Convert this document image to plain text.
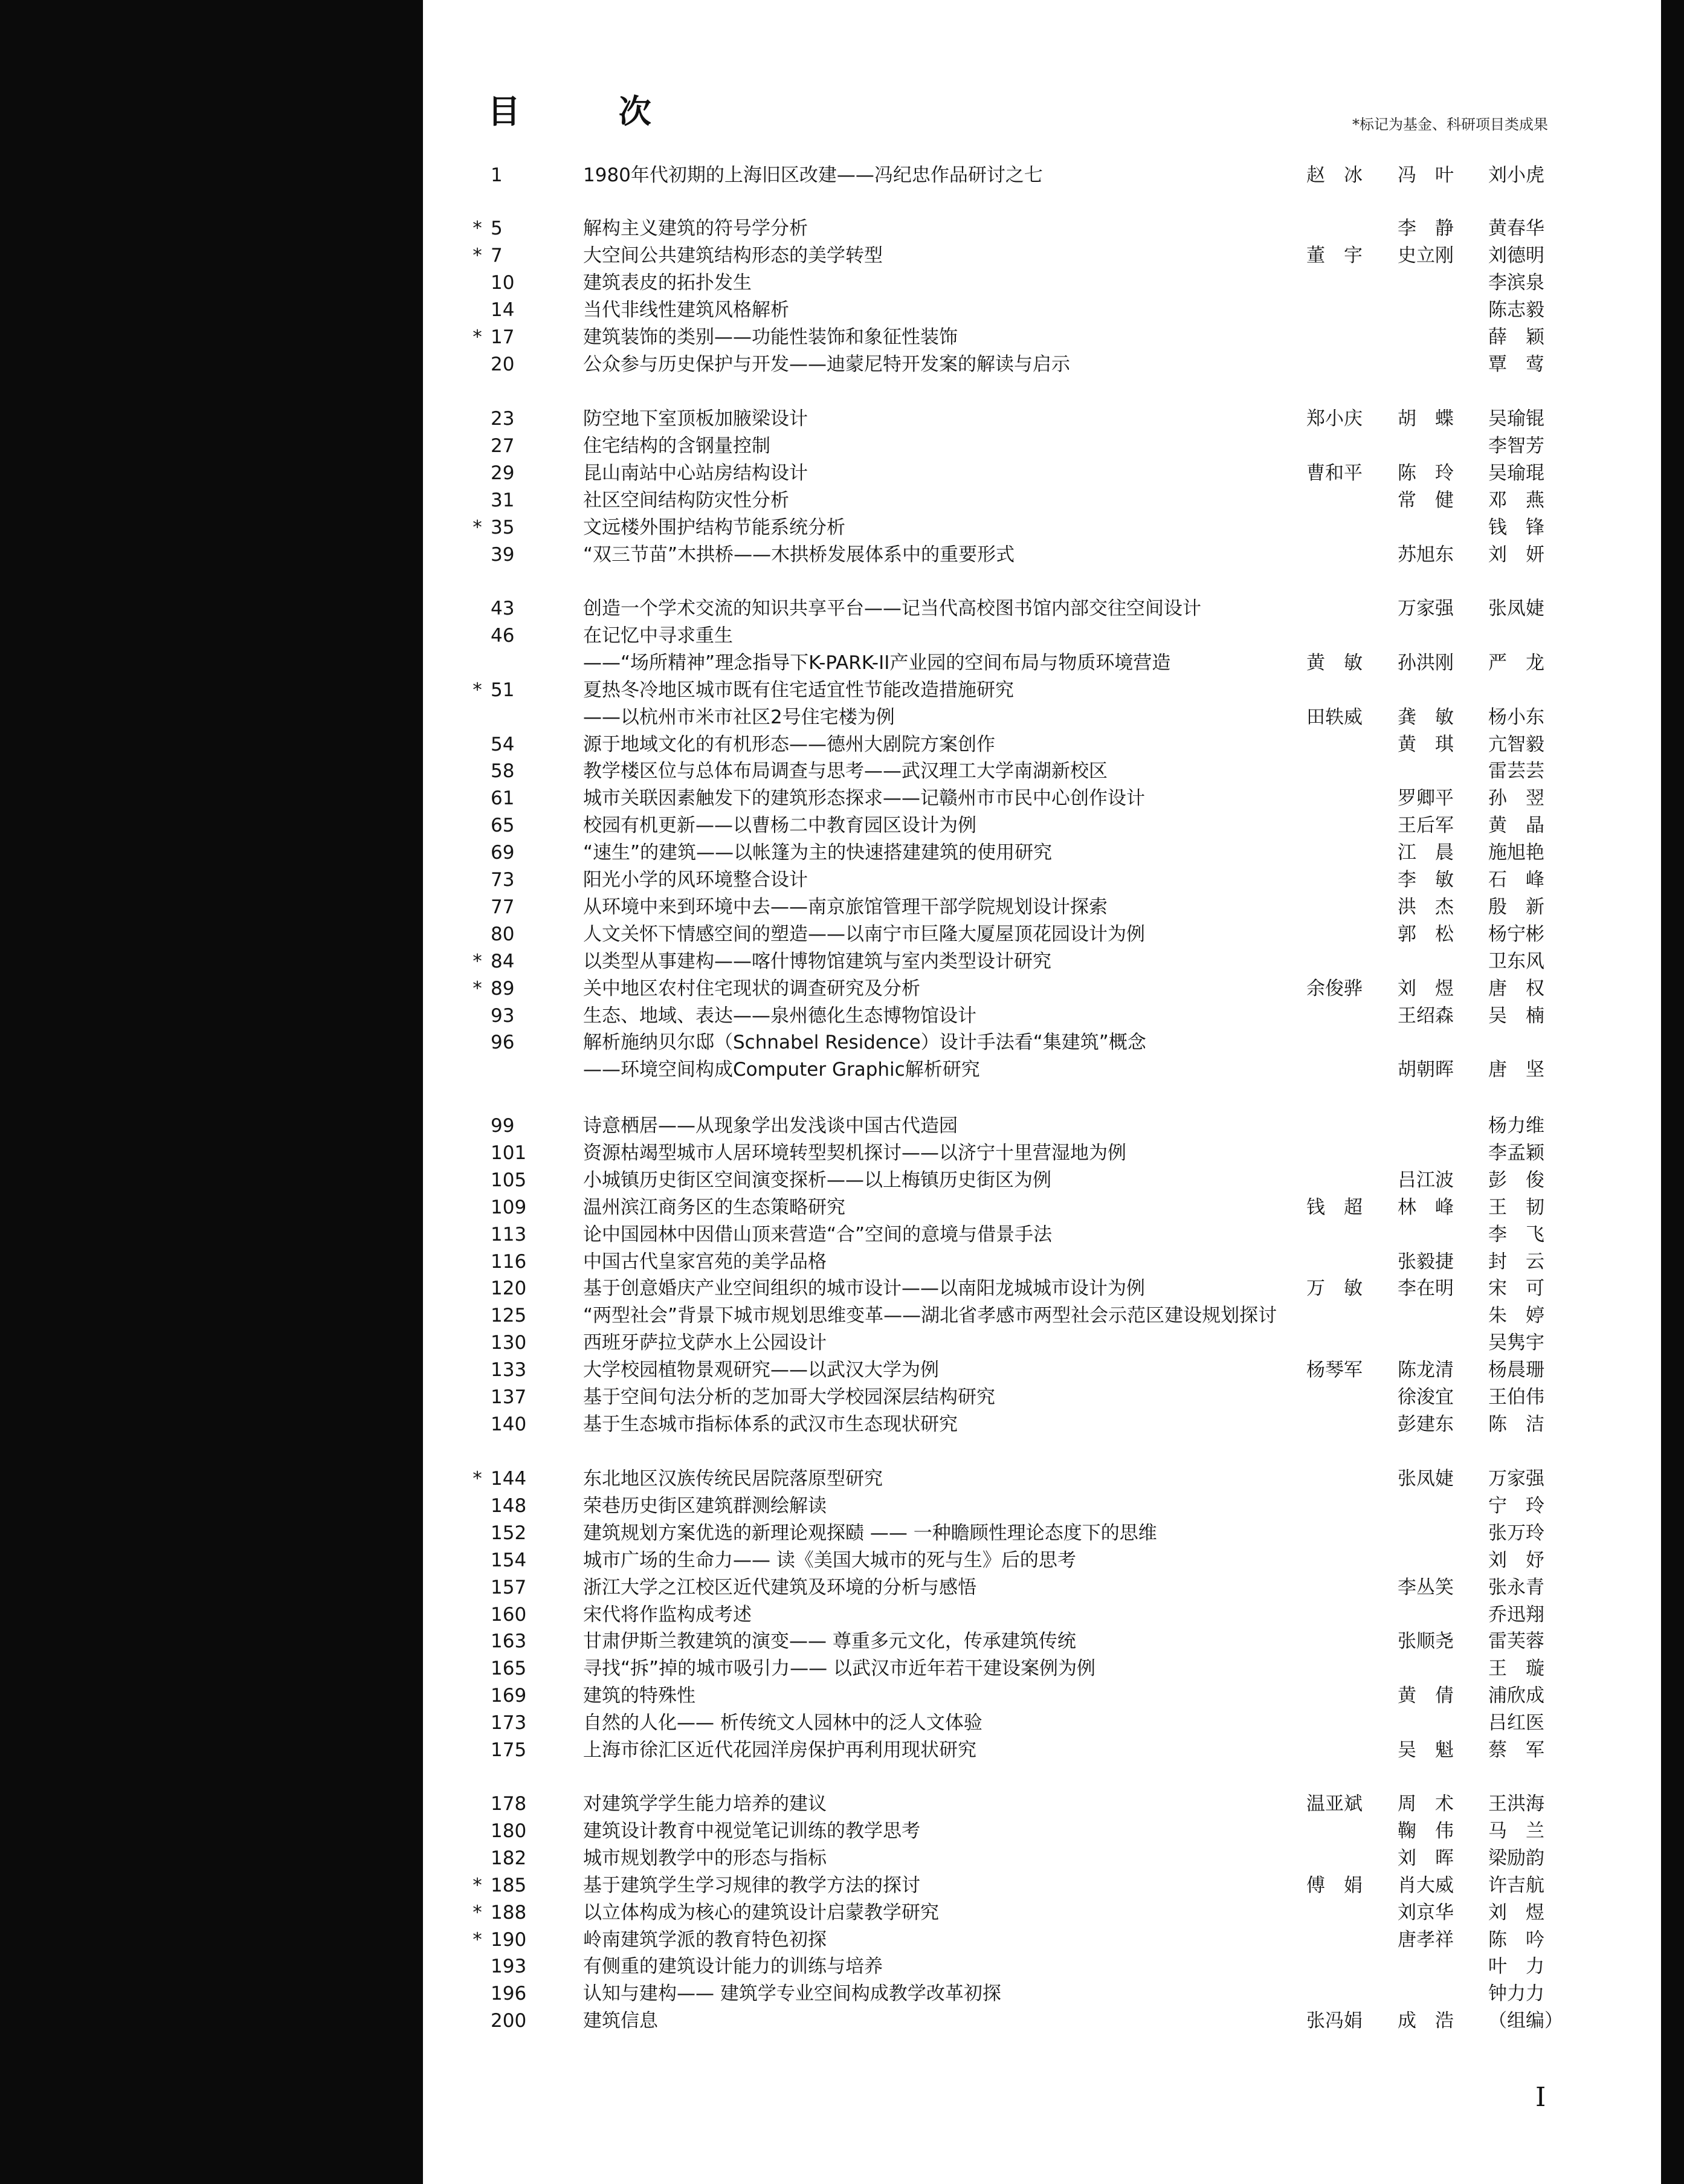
目 次	*标记为基金、科研项目类成果
1	1980年代初期的上海旧区改建——冯纪忠作品研讨之七	赵　冰 冯　叶 刘小虎
* 5	解构主义建筑的符号学分析	李　静 黄春华
* 7	大空间公共建筑结构形态的美学转型	董　宇 史立刚 刘德明
10	建筑表皮的拓扑发生	李滨泉
14	当代非线性建筑风格解析	陈志毅
* 17	建筑装饰的类别——功能性装饰和象征性装饰	薛　颖
20	公众参与历史保护与开发——迪蒙尼特开发案的解读与启示	覃　莺
23	防空地下室顶板加腋梁设计	郑小庆 胡　蝶 吴瑜锟
27	住宅结构的含钢量控制	李智芳
29	昆山南站中心站房结构设计	曹和平 陈　玲 吴瑜琨
31	社区空间结构防灾性分析	常　健 邓　燕
* 35	文远楼外围护结构节能系统分析	钱　锋
39	“双三节苗”木拱桥——木拱桥发展体系中的重要形式	苏旭东 刘　妍
43	创造一个学术交流的知识共享平台——记当代高校图书馆内部交往空间设计	万家强 张凤婕
46	在记忆中寻求重生
——“场所精神”理念指导下K-PARK-II产业园的空间布局与物质环境营造	黄　敏 孙洪刚 严　龙
* 51	夏热冬冷地区城市既有住宅适宜性节能改造措施研究
——以杭州市米市社区2号住宅楼为例	田轶威 龚　敏 杨小东
54	源于地域文化的有机形态——德州大剧院方案创作	黄　琪 亢智毅
58	教学楼区位与总体布局调查与思考——武汉理工大学南湖新校区	雷芸芸
61	城市关联因素触发下的建筑形态探求——记赣州市市民中心创作设计	罗卿平 孙　翌
65	校园有机更新——以曹杨二中教育园区设计为例	王后军 黄　晶
69	“速生”的建筑——以帐篷为主的快速搭建建筑的使用研究	江　晨 施旭艳
73	阳光小学的风环境整合设计	李　敏 石　峰
77	从环境中来到环境中去——南京旅馆管理干部学院规划设计探索	洪　杰 殷　新
80	人文关怀下情感空间的塑造——以南宁市巨隆大厦屋顶花园设计为例	郭　松 杨宁彬
* 84	以类型从事建构——喀什博物馆建筑与室内类型设计研究	卫东风
* 89	关中地区农村住宅现状的调查研究及分析	余俊骅 刘　煜 唐　权
93	生态、地域、表达——泉州德化生态博物馆设计	王绍森 吴　楠
96	解析施纳贝尔邸（Schnabel Residence）设计手法看“集建筑”概念
——环境空间构成Computer Graphic解析研究	胡朝晖 唐　坚
99	诗意栖居——从现象学出发浅谈中国古代造园	杨力维
101	资源枯竭型城市人居环境转型契机探讨——以济宁十里营湿地为例	李孟颖
105	小城镇历史街区空间演变探析——以上梅镇历史街区为例	吕江波 彭　俊
109	温州滨江商务区的生态策略研究	钱　超 林　峰 王　韧
113	论中国园林中因借山顶来营造“合”空间的意境与借景手法	李　飞
116	中国古代皇家宫苑的美学品格	张毅捷 封　云
120	基于创意婚庆产业空间组织的城市设计——以南阳龙城城市设计为例	万　敏 李在明 宋　可
125	“两型社会”背景下城市规划思维变革——湖北省孝感市两型社会示范区建设规划探讨	朱　婷
130	西班牙萨拉戈萨水上公园设计	吴隽宇
133	大学校园植物景观研究——以武汉大学为例	杨琴军 陈龙清 杨晨珊
137	基于空间句法分析的芝加哥大学校园深层结构研究	徐浚宜 王伯伟
140	基于生态城市指标体系的武汉市生态现状研究	彭建东 陈　洁
* 144	东北地区汉族传统民居院落原型研究	张凤婕 万家强
148	荣巷历史街区建筑群测绘解读	宁　玲
152	建筑规划方案优选的新理论观探赜 —— 一种瞻顾性理论态度下的思维	张万玲
154	城市广场的生命力—— 读《美国大城市的死与生》后的思考	刘　妤
157	浙江大学之江校区近代建筑及环境的分析与感悟	李丛笑 张永青
160	宋代将作监构成考述	乔迅翔
163	甘肃伊斯兰教建筑的演变—— 尊重多元文化，传承建筑传统	张顺尧 雷芙蓉
165	寻找“拆”掉的城市吸引力—— 以武汉市近年若干建设案例为例	王　璇
169	建筑的特殊性	黄　倩 浦欣成
173	自然的人化—— 析传统文人园林中的泛人文体验	吕红医
175	上海市徐汇区近代花园洋房保护再利用现状研究	吴　魁 蔡　军
178	对建筑学学生能力培养的建议	温亚斌 周　术 王洪海
180	建筑设计教育中视觉笔记训练的教学思考	鞠　伟 马　兰
182	城市规划教学中的形态与指标	刘　晖 梁励韵
* 185	基于建筑学生学习规律的教学方法的探讨	傅　娟 肖大威 许吉航
* 188	以立体构成为核心的建筑设计启蒙教学研究	刘京华 刘　煜
* 190	岭南建筑学派的教育特色初探	唐孝祥 陈　吟
193	有侧重的建筑设计能力的训练与培养	叶　力
196	认知与建构—— 建筑学专业空间构成教学改革初探	钟力力
200	建筑信息	张冯娟 成　浩 （组编）
I
